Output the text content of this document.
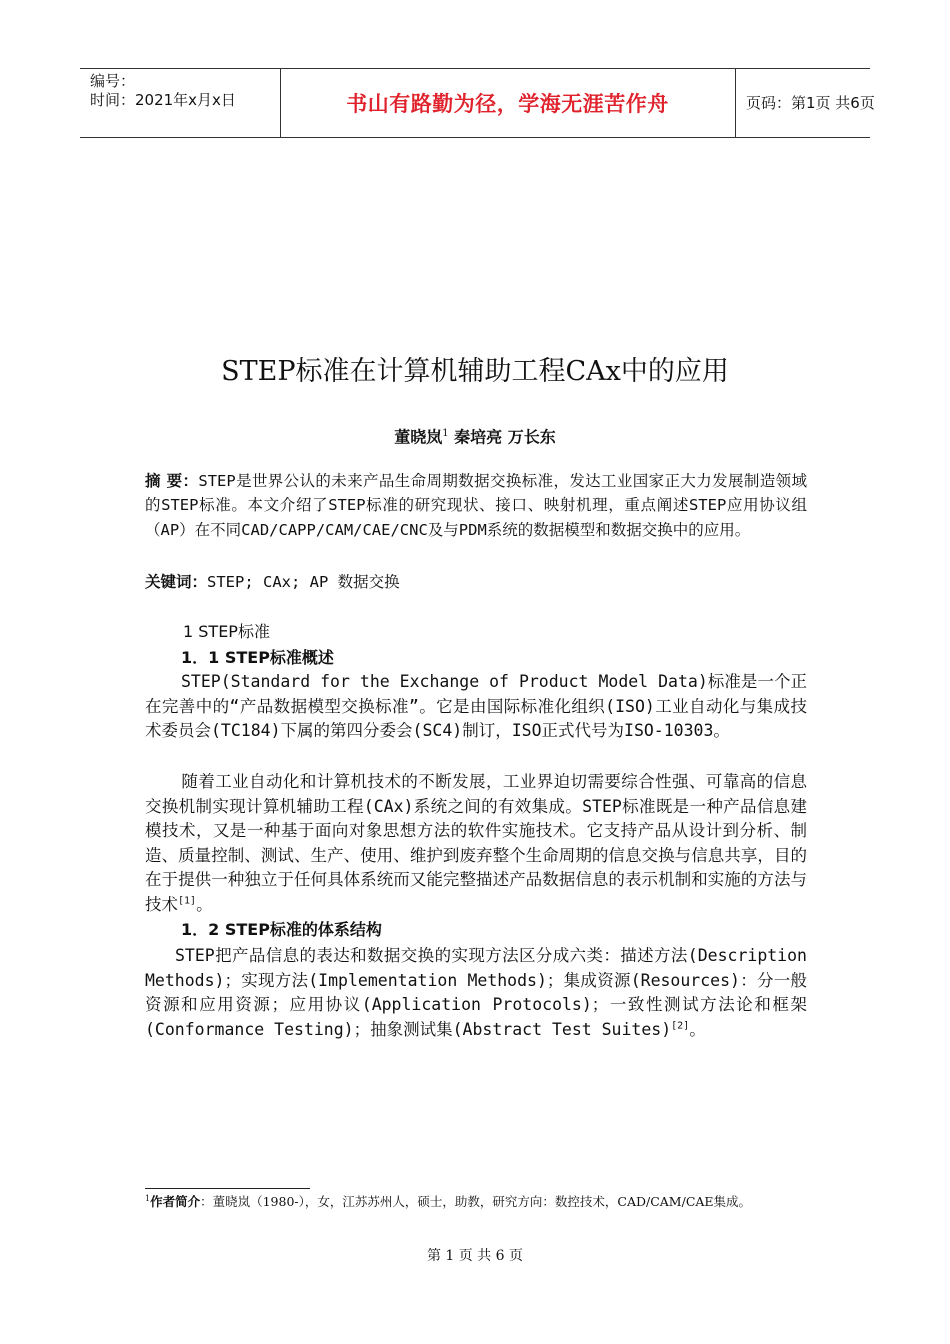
编号：
时间：2021年x月x日	书山有路勤为径，学海无涯苦作舟	页码：第1页 共6页
STEP标准在计算机辅助工程CAx中的应用
董晓岚$^1$ 秦培亮 万长东
摘 要：STEP是世界公认的未来产品生命周期数据交换标准，发达工业国家正大力发展制造领域的STEP标准。本文介绍了STEP标准的研究现状、接口、映射机理，重点阐述STEP应用协议组（AP）在不同CAD/CAPP/CAM/CAE/CNC及与PDM系统的数据模型和数据交换中的应用。
关键词：STEP; CAx; AP 数据交换
1 STEP标准
1．1 STEP标准概述
STEP(Standard for the Exchange of Product Model Data)标准是一个正在完善中的“产品数据模型交换标准”。它是由国际标准化组织(ISO)工业自动化与集成技术委员会(TC184)下属的第四分委会(SC4)制订，ISO正式代号为ISO-10303。
随着工业自动化和计算机技术的不断发展，工业界迫切需要综合性强、可靠高的信息交换机制实现计算机辅助工程(CAx)系统之间的有效集成。STEP标准既是一种产品信息建模技术，又是一种基于面向对象思想方法的软件实施技术。它支持产品从设计到分析、制造、质量控制、测试、生产、使用、维护到废弃整个生命周期的信息交换与信息共享，目的在于提供一种独立于任何具体系统而又能完整描述产品数据信息的表示机制和实施的方法与技术[1]。
1．2 STEP标准的体系结构
STEP把产品信息的表达和数据交换的实现方法区分成六类：描述方法(Description Methods)；实现方法(Implementation Methods)；集成资源(Resources)：分一般资源和应用资源；应用协议(Application Protocols)；一致性测试方法论和框架(Conformance Testing)；抽象测试集(Abstract Test Suites)[2]。
$^1$作者简介：董晓岚（1980-），女，江苏苏州人，硕士，助教，研究方向：数控技术，CAD/CAM/CAE集成。
第 1 页 共 6 页
